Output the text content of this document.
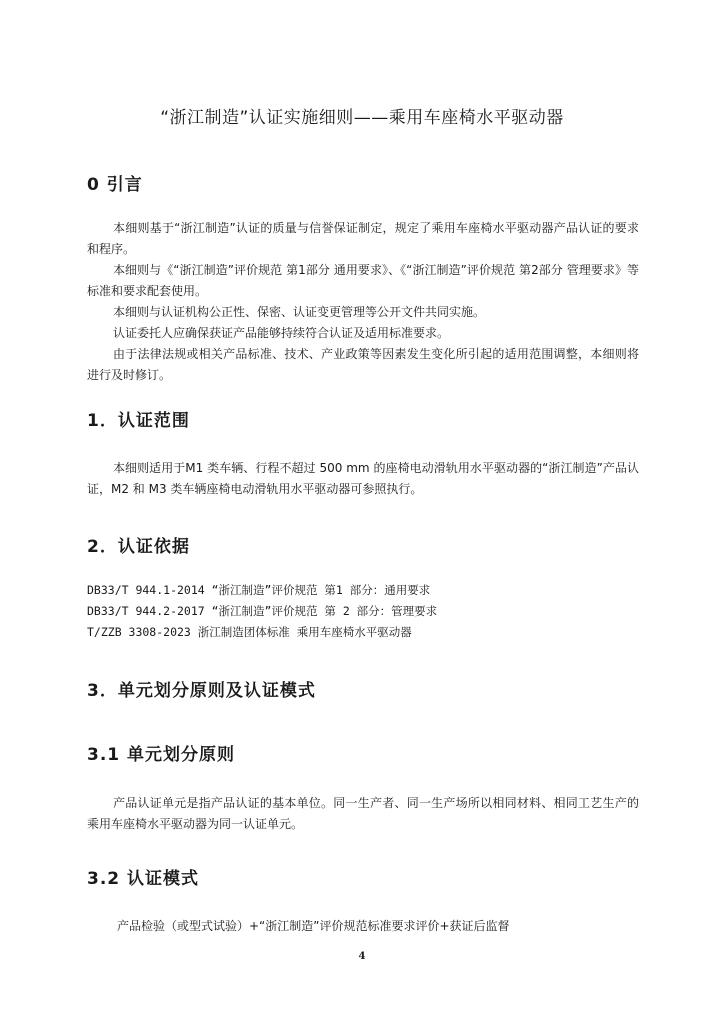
“浙江制造”认证实施细则——乘用车座椅水平驱动器
0 引言

本细则基于“浙江制造”认证的质量与信誉保证制定，规定了乘用车座椅水平驱动器产品认证的要求和程序。

本细则与《“浙江制造”评价规范 第1部分 通用要求》、《“浙江制造”评价规范 第2部分 管理要求》等标准和要求配套使用。

本细则与认证机构公正性、保密、认证变更管理等公开文件共同实施。

认证委托人应确保获证产品能够持续符合认证及适用标准要求。

由于法律法规或相关产品标准、技术、产业政策等因素发生变化所引起的适用范围调整，本细则将进行及时修订。

1．认证范围

本细则适用于M1 类车辆、行程不超过 500 mm 的座椅电动滑轨用水平驱动器的“浙江制造”产品认证，M2 和 M3 类车辆座椅电动滑轨用水平驱动器可参照执行。

2．认证依据
DB33/T 944.1-2014 “浙江制造”评价规范 第1 部分：通用要求
DB33/T 944.2-2017 “浙江制造”评价规范 第 2 部分：管理要求
T/ZZB 3308-2023 浙江制造团体标准 乘用车座椅水平驱动器
3．单元划分原则及认证模式
3.1 单元划分原则

产品认证单元是指产品认证的基本单位。同一生产者、同一生产场所以相同材料、相同工艺生产的乘用车座椅水平驱动器为同一认证单元。

3.2 认证模式
产品检验（或型式试验）+“浙江制造”评价规范标准要求评价+获证后监督
4
